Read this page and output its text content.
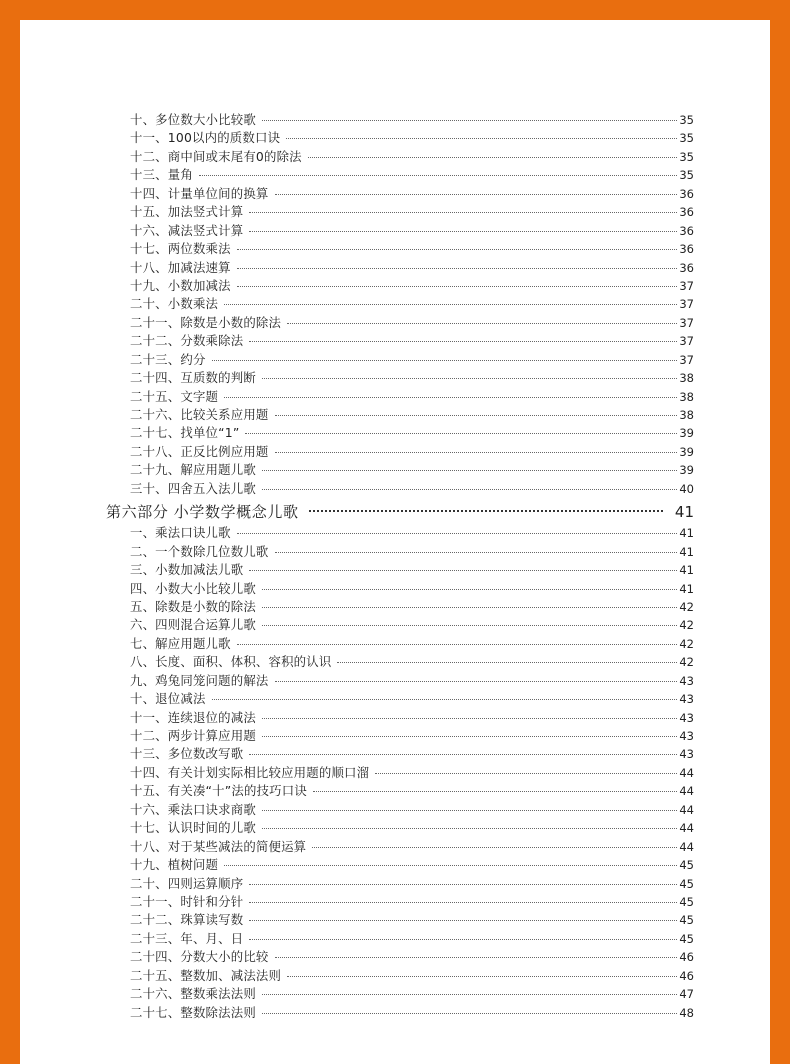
十、多位数大小比较歌	35
十一、100以内的质数口诀	35
十二、商中间或末尾有0的除法	35
十三、量角	35
十四、计量单位间的换算	36
十五、加法竖式计算	36
十六、减法竖式计算	36
十七、两位数乘法	36
十八、加减法速算	36
十九、小数加减法	37
二十、小数乘法	37
二十一、除数是小数的除法	37
二十二、分数乘除法	37
二十三、约分	37
二十四、互质数的判断	38
二十五、文字题	38
二十六、比较关系应用题	38
二十七、找单位“1”	39
二十八、正反比例应用题	39
二十九、解应用题儿歌	39
三十、四舍五入法儿歌	40
第六部分 小学数学概念儿歌	41
一、乘法口诀儿歌	41
二、一个数除几位数儿歌	41
三、小数加减法儿歌	41
四、小数大小比较儿歌	41
五、除数是小数的除法	42
六、四则混合运算儿歌	42
七、解应用题儿歌	42
八、长度、面积、体积、容积的认识	42
九、鸡兔同笼问题的解法	43
十、退位减法	43
十一、连续退位的减法	43
十二、两步计算应用题	43
十三、多位数改写歌	43
十四、有关计划实际相比较应用题的顺口溜	44
十五、有关凑“十”法的技巧口诀	44
十六、乘法口诀求商歌	44
十七、认识时间的儿歌	44
十八、对于某些减法的简便运算	44
十九、植树问题	45
二十、四则运算顺序	45
二十一、时针和分针	45
二十二、珠算读写数	45
二十三、年、月、日	45
二十四、分数大小的比较	46
二十五、整数加、减法法则	46
二十六、整数乘法法则	47
二十七、整数除法法则	48
